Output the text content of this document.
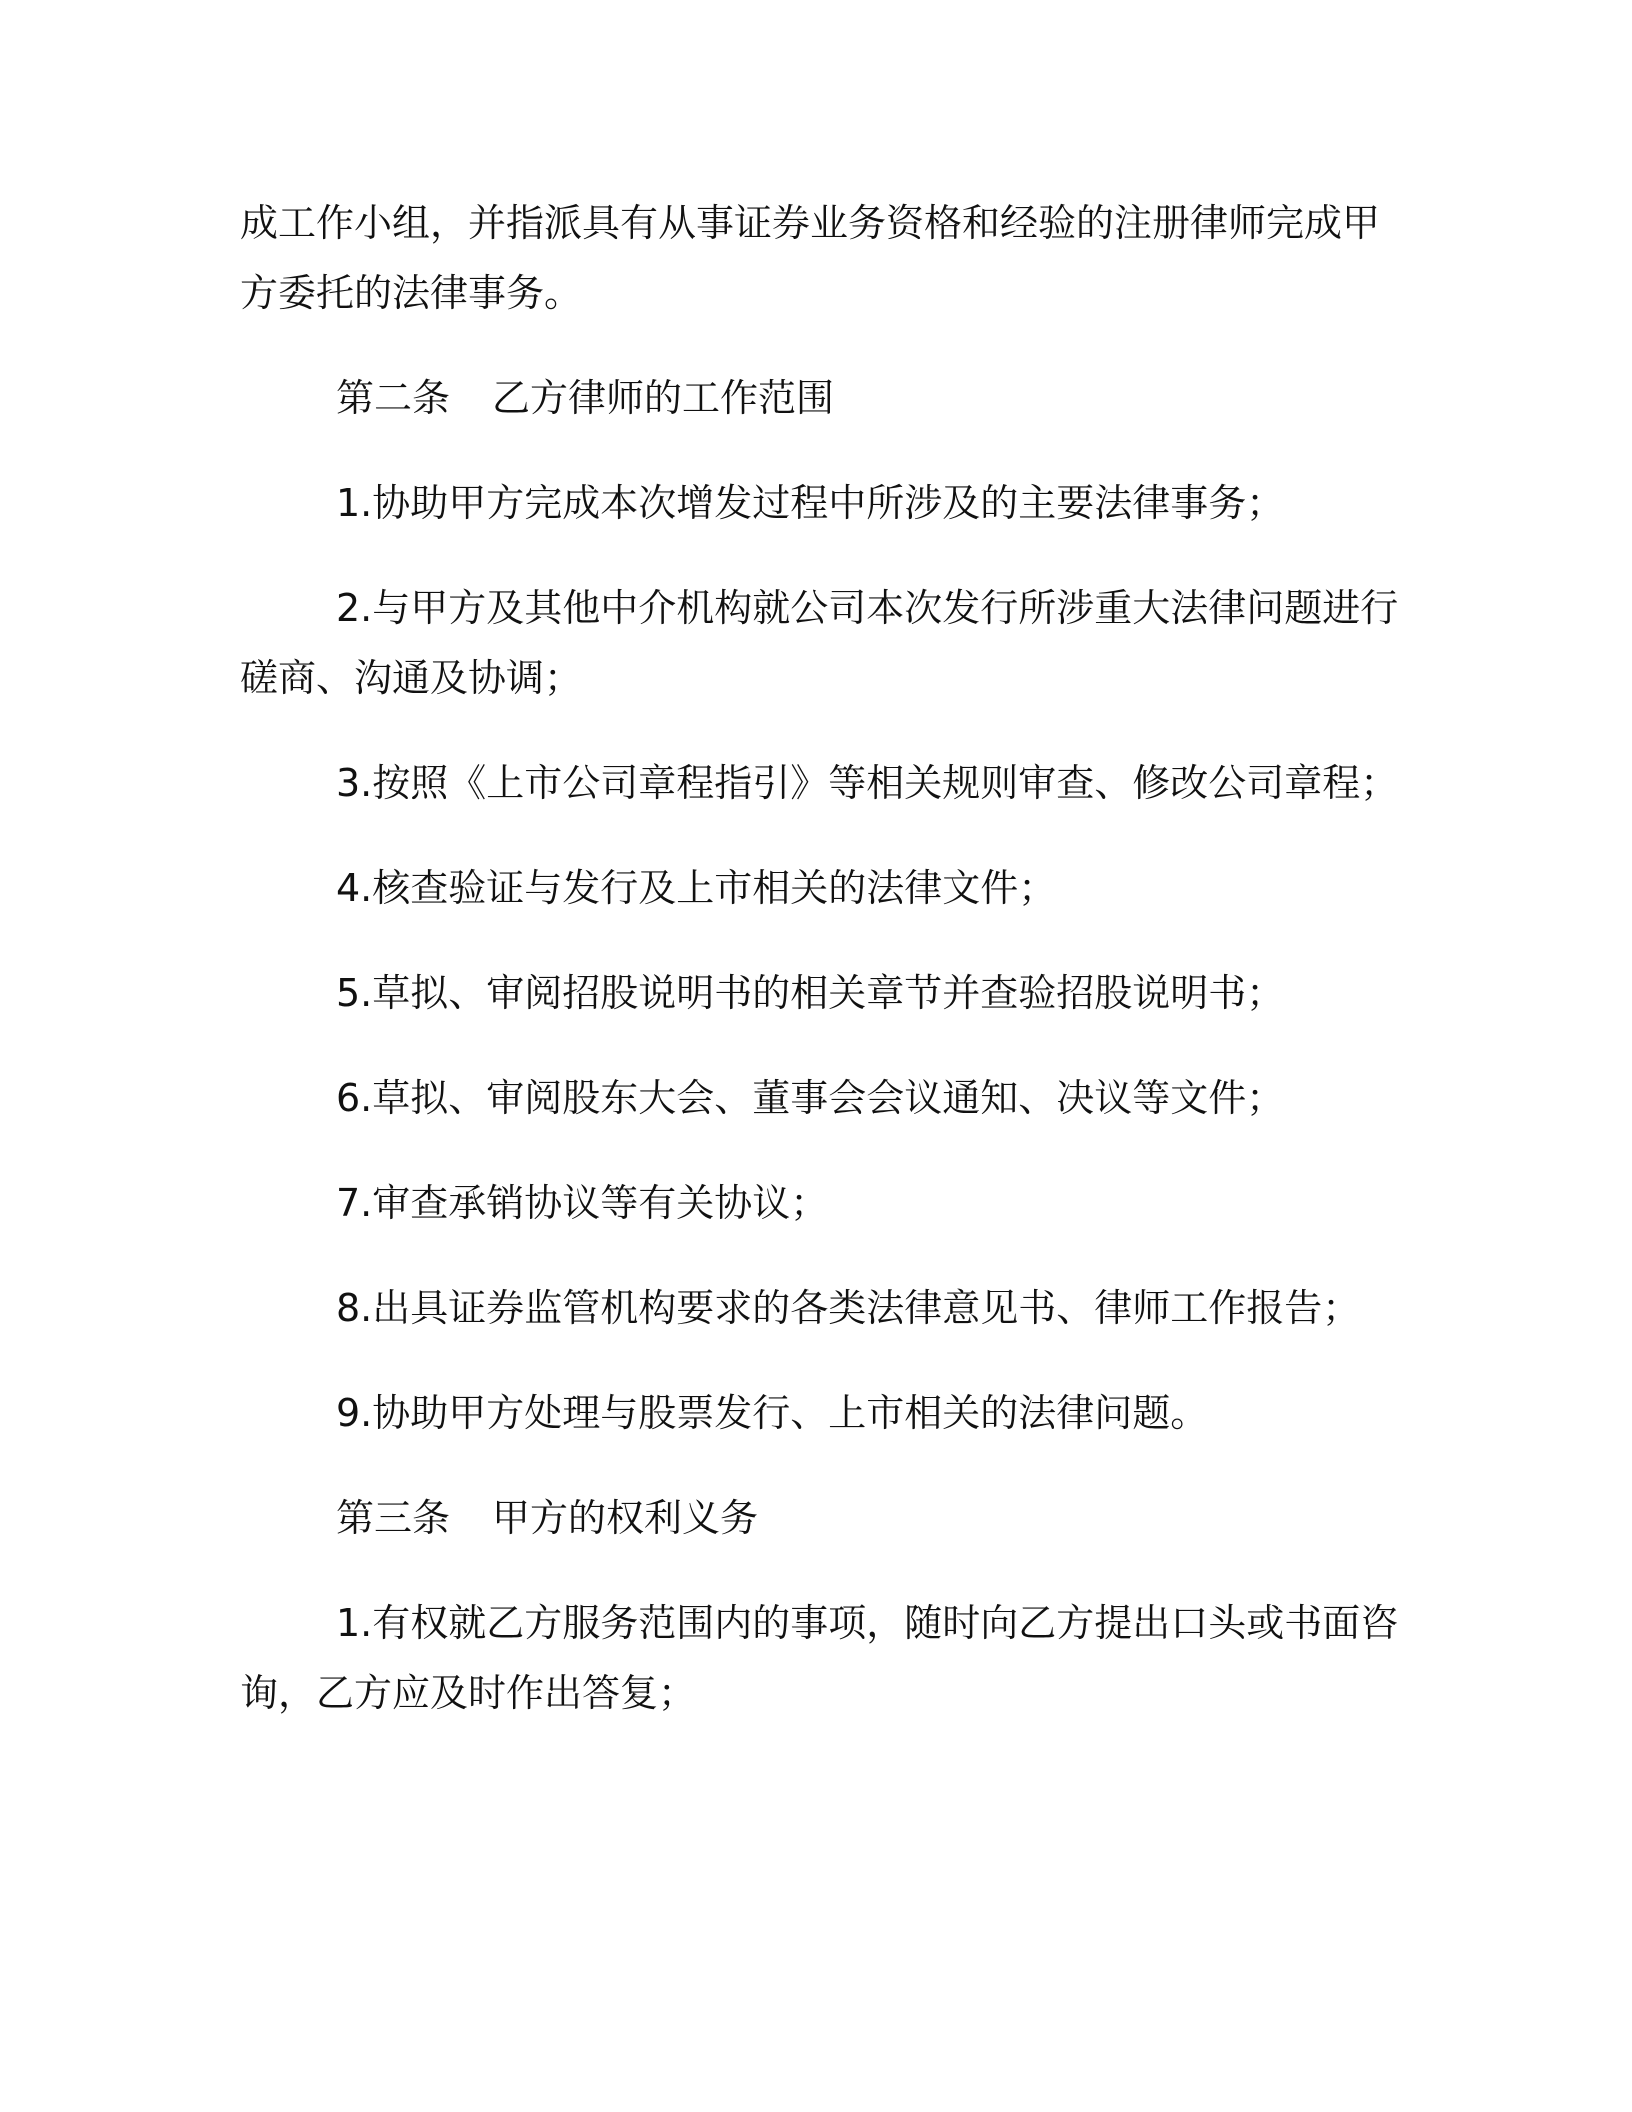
成工作小组，并指派具有从事证券业务资格和经验的注册律师完成甲
方委托的法律事务。
第二条 乙方律师的工作范围
1.协助甲方完成本次增发过程中所涉及的主要法律事务；
2.与甲方及其他中介机构就公司本次发行所涉重大法律问题进行
磋商、沟通及协调；
3.按照《上市公司章程指引》等相关规则审查、修改公司章程；
4.核查验证与发行及上市相关的法律文件；
5.草拟、审阅招股说明书的相关章节并查验招股说明书；
6.草拟、审阅股东大会、董事会会议通知、决议等文件；
7.审查承销协议等有关协议；
8.出具证券监管机构要求的各类法律意见书、律师工作报告；
9.协助甲方处理与股票发行、上市相关的法律问题。
第三条 甲方的权利义务
1.有权就乙方服务范围内的事项，随时向乙方提出口头或书面咨
询，乙方应及时作出答复；
